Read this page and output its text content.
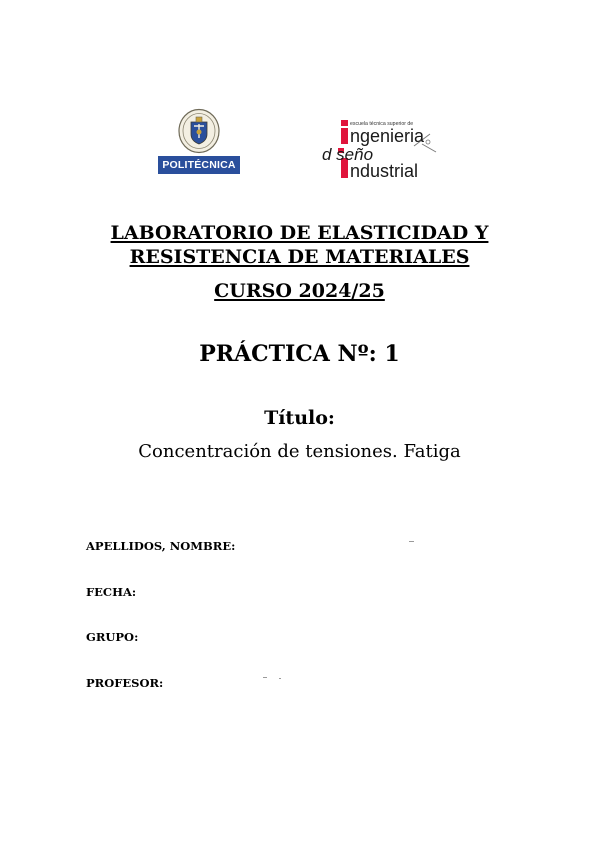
POLITÉCNICA
escuela técnica superior de
ngenieria
d seño
ndustrial
LABORATORIO DE ELASTICIDAD Y
RESISTENCIA DE MATERIALES
CURSO 2024/25
PRÁCTICA Nº: 1
Título:
Concentración de tensiones. Fatiga
APELLIDOS, NOMBRE:
FECHA:
GRUPO:
PROFESOR:
